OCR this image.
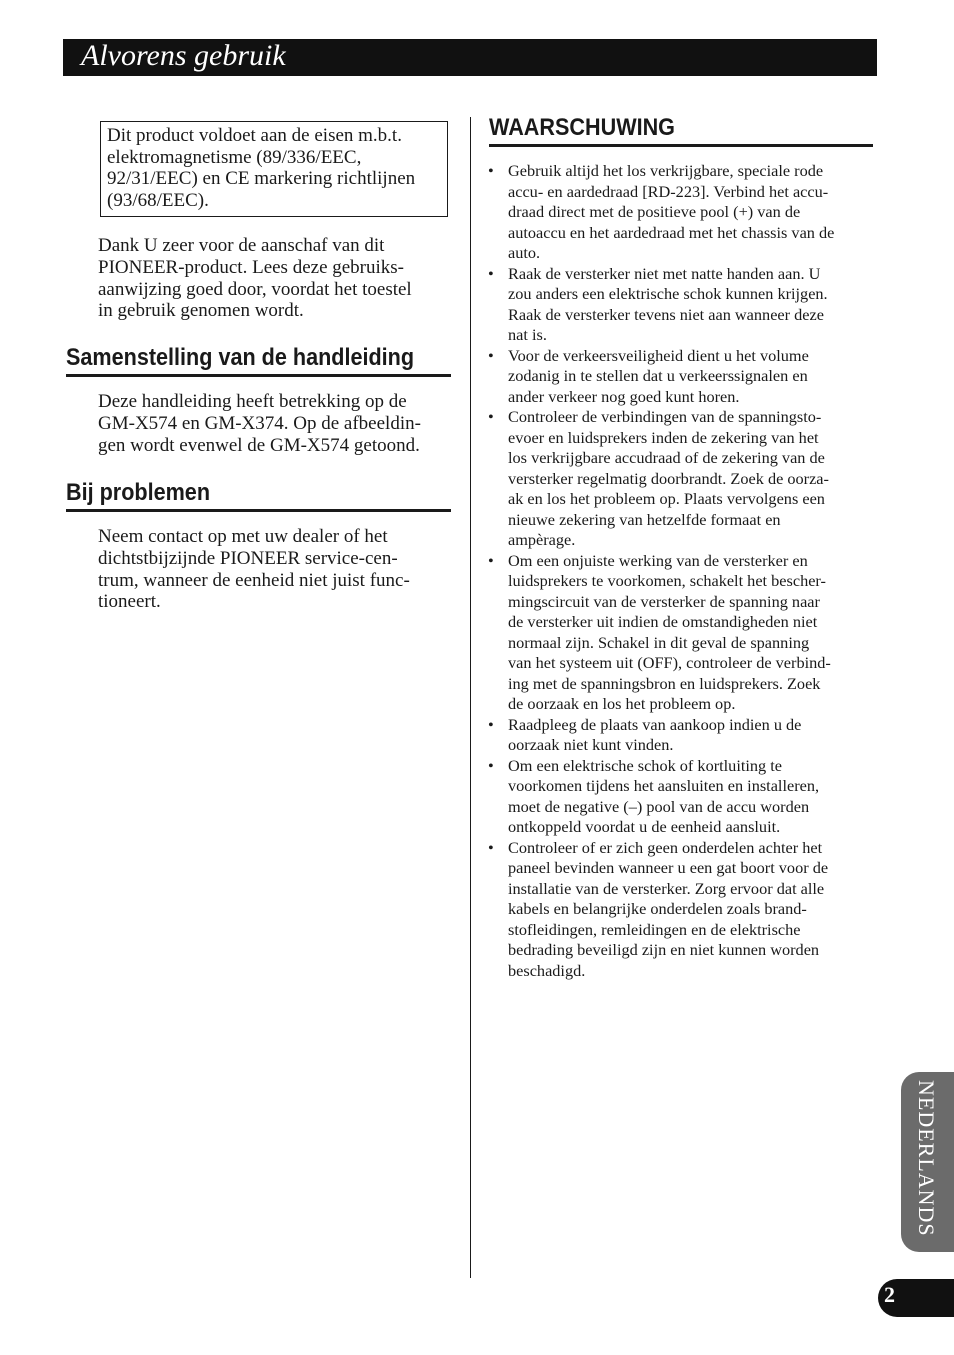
Alvorens gebruik
Dit product voldoet aan de eisen m.b.t.
elektromagnetisme (89/336/EEC,
92/31/EEC) en CE markering richtlijnen
(93/68/EEC).
Dank U zeer voor de aanschaf van dit
PIONEER-product. Lees deze gebruiks-
aanwijzing goed door, voordat het toestel
in gebruik genomen wordt.
Samenstelling van de handleiding
Deze handleiding heeft betrekking op de
GM-X574 en GM-X374. Op de afbeeldin-
gen wordt evenwel de GM-X574 getoond.
Bij problemen
Neem contact op met uw dealer of het
dichtstbijzijnde PIONEER service-cen-
trum, wanneer de eenheid niet juist func-
tioneert.
WAARSCHUWING
• Gebruik altijd het los verkrijgbare, speciale rode
accu- en aardedraad [RD-223]. Verbind het accu-
draad direct met de positieve pool (+) van de
autoaccu en het aardedraad met het chassis van de
auto.
• Raak de versterker niet met natte handen aan. U
zou anders een elektrische schok kunnen krijgen.
Raak de versterker tevens niet aan wanneer deze
nat is.
• Voor de verkeersveiligheid dient u het volume
zodanig in te stellen dat u verkeerssignalen en
ander verkeer nog goed kunt horen.
• Controleer de verbindingen van de spanningsto-
evoer en luidsprekers inden de zekering van het
los verkrijgbare accudraad of de zekering van de
versterker regelmatig doorbrandt. Zoek de oorza-
ak en los het probleem op. Plaats vervolgens een
nieuwe zekering van hetzelfde formaat en
ampèrage.
• Om een onjuiste werking van de versterker en
luidsprekers te voorkomen, schakelt het bescher-
mingscircuit van de versterker de spanning naar
de versterker uit indien de omstandigheden niet
normaal zijn. Schakel in dit geval de spanning
van het systeem uit (OFF), controleer de verbind-
ing met de spanningsbron en luidsprekers. Zoek
de oorzaak en los het probleem op.
• Raadpleeg de plaats van aankoop indien u de
oorzaak niet kunt vinden.
• Om een elektrische schok of kortluiting te
voorkomen tijdens het aansluiten en installeren,
moet de negative (–) pool van de accu worden
ontkoppeld voordat u de eenheid aansluit.
• Controleer of er zich geen onderdelen achter het
paneel bevinden wanneer u een gat boort voor de
installatie van de versterker. Zorg ervoor dat alle
kabels en belangrijke onderdelen zoals brand-
stofleidingen, remleidingen en de elektrische
bedrading beveiligd zijn en niet kunnen worden
beschadigd.
NEDERLANDS
2
